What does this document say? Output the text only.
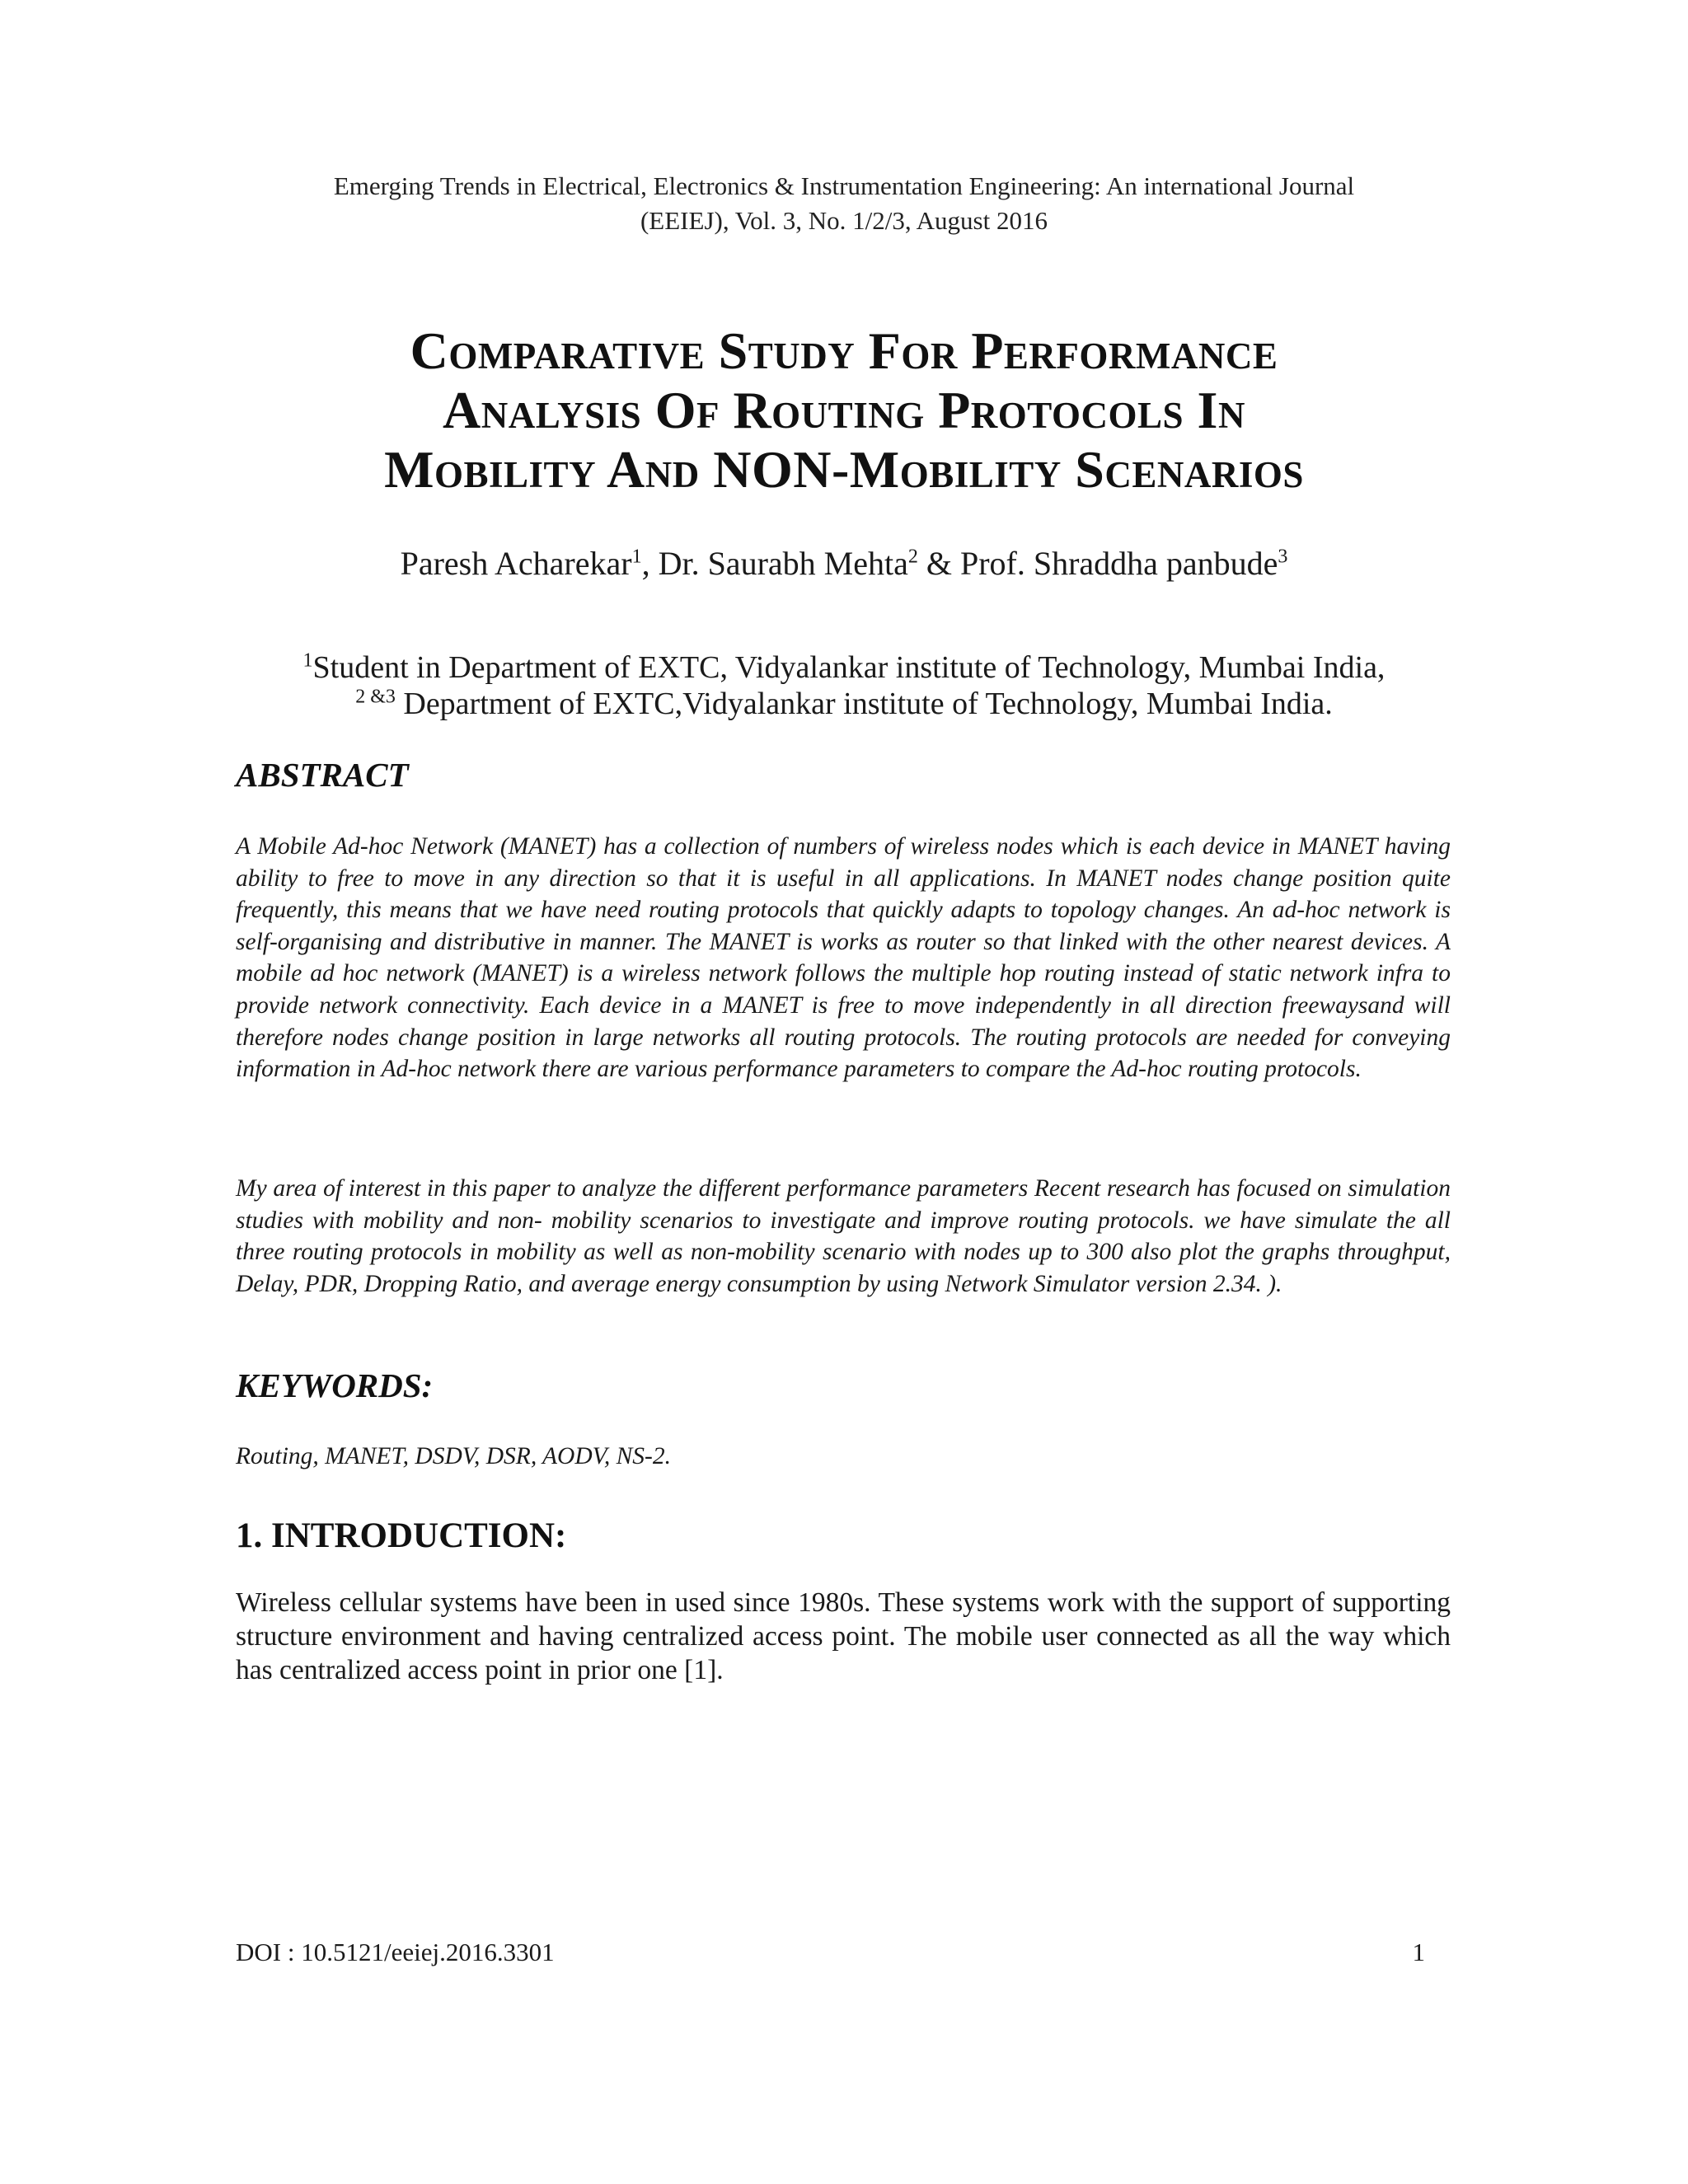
Emerging Trends in Electrical, Electronics & Instrumentation Engineering: An international Journal
(EEIEJ), Vol. 3, No. 1/2/3, August 2016
Comparative Study For Performance
Analysis Of Routing Protocols In
Mobility And NON-Mobility Scenarios
Paresh Acharekar$^1$, Dr. Saurabh Mehta$^2$ & Prof. Shraddha panbude$^3$
$^1$Student in Department of EXTC, Vidyalankar institute of Technology, Mumbai India,
$^{2 \&3}$ Department of EXTC,Vidyalankar institute of Technology, Mumbai India.
ABSTRACT
A Mobile Ad-hoc Network (MANET) has a collection of numbers of wireless nodes which is each device in MANET having ability to free to move in any direction so that it is useful in all applications. In MANET nodes change position quite frequently, this means that we have need routing protocols that quickly adapts to topology changes. An ad-hoc network is self-organising and distributive in manner. The MANET is works as router so that linked with the other nearest devices. A mobile ad hoc network (MANET) is a wireless network follows the multiple hop routing instead of static network infra to provide network connectivity. Each device in a MANET is free to move independently in all direction freewaysand will therefore nodes change position in large networks all routing protocols. The routing protocols are needed for conveying information in Ad-hoc network there are various performance parameters to compare the Ad-hoc routing protocols.
My area of interest in this paper to analyze the different performance parameters Recent research has focused on simulation studies with mobility and non- mobility scenarios to investigate and improve routing protocols. we have simulate the all three routing protocols in mobility as well as non-mobility scenario with nodes up to 300 also plot the graphs throughput, Delay, PDR, Dropping Ratio, and average energy consumption by using Network Simulator version 2.34. ).
KEYWORDS:
Routing, MANET, DSDV, DSR, AODV, NS-2.
1. INTRODUCTION:
Wireless cellular systems have been in used since 1980s. These systems work with the support of supporting structure environment and having centralized access point. The mobile user connected as all the way which has centralized access point in prior one [1].
DOI : 10.5121/eeiej.2016.3301	1
